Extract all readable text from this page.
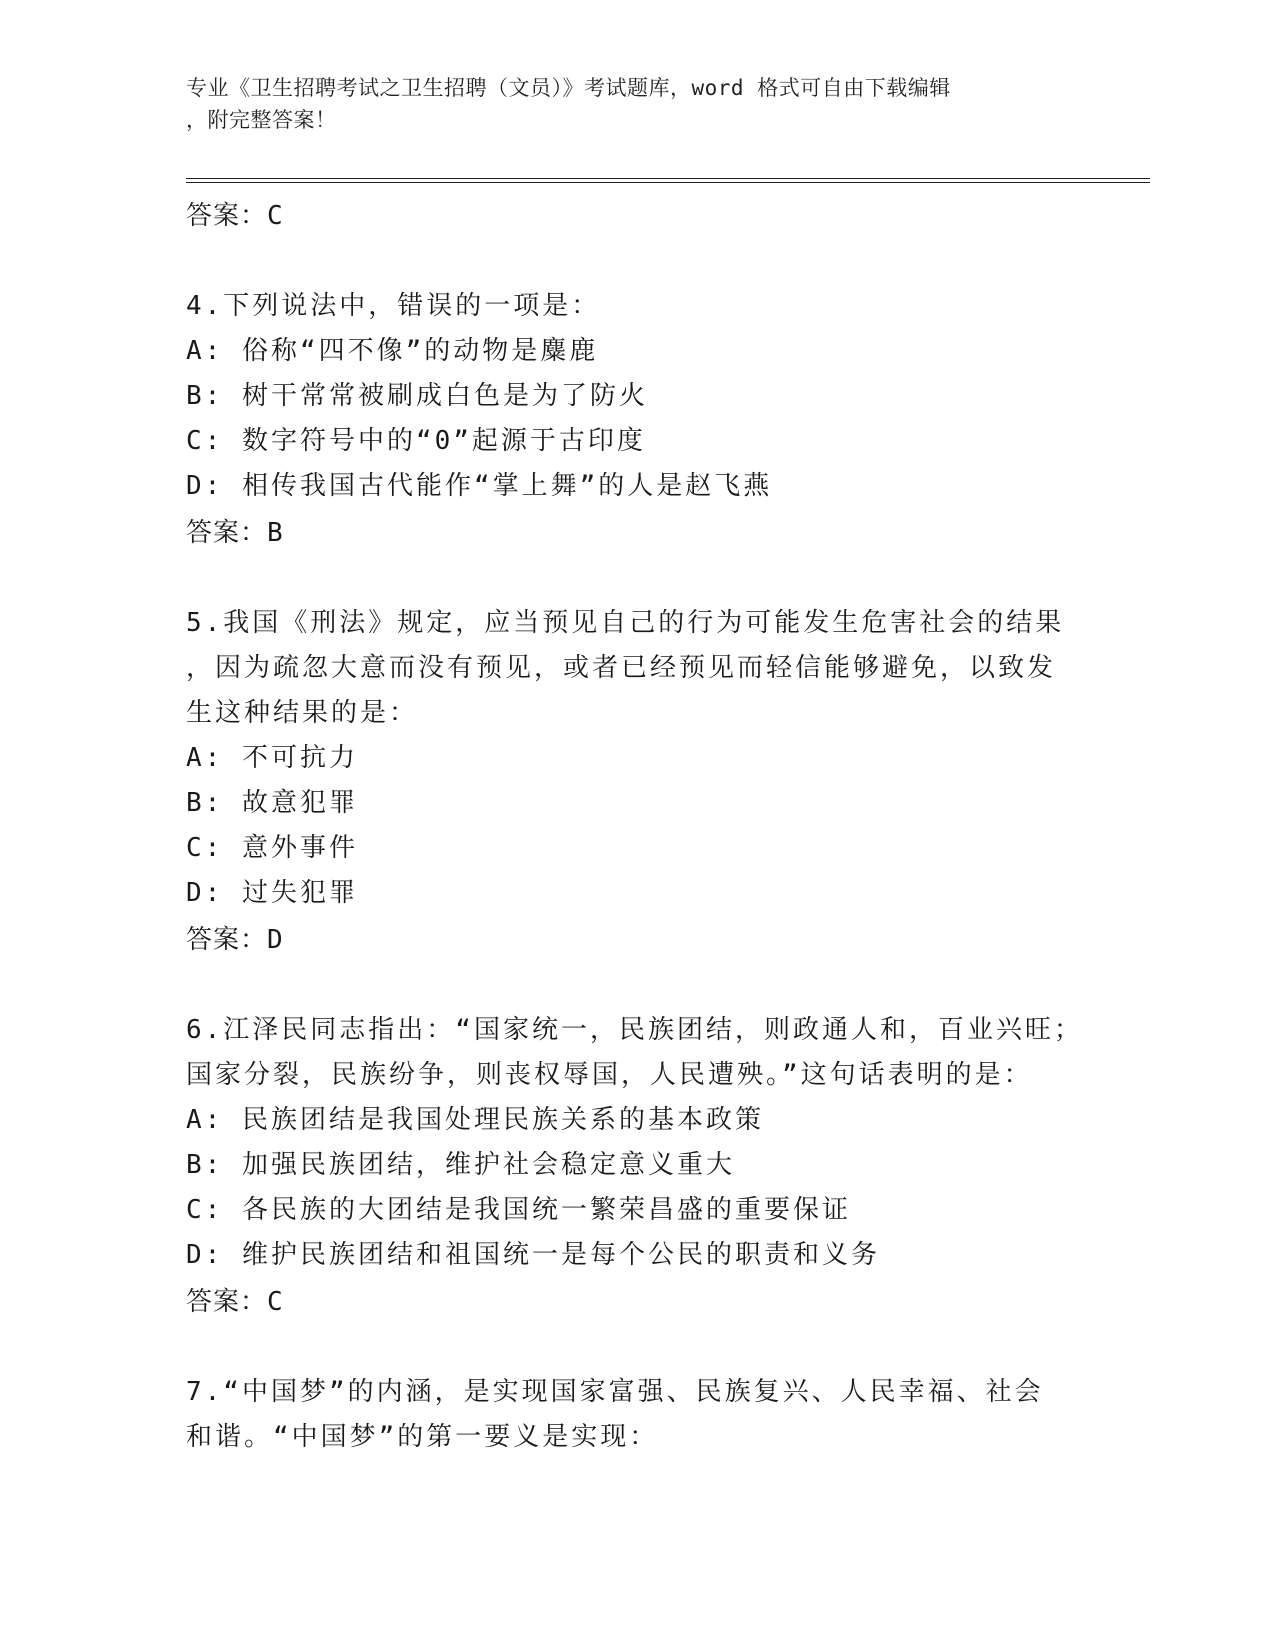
专业《卫生招聘考试之卫生招聘（文员）》考试题库，word 格式可自由下载编辑
，附完整答案！
答案：C
4.下列说法中，错误的一项是：
A: 俗称“四不像”的动物是麋鹿
B: 树干常常被刷成白色是为了防火
C: 数字符号中的“0”起源于古印度
D: 相传我国古代能作“掌上舞”的人是赵飞燕
答案：B
5.我国《刑法》规定，应当预见自己的行为可能发生危害社会的结果
，因为疏忽大意而没有预见，或者已经预见而轻信能够避免，以致发
生这种结果的是：
A: 不可抗力
B: 故意犯罪
C: 意外事件
D: 过失犯罪
答案：D
6.江泽民同志指出：“国家统一，民族团结，则政通人和，百业兴旺；
国家分裂，民族纷争，则丧权辱国，人民遭殃。”这句话表明的是：
A: 民族团结是我国处理民族关系的基本政策
B: 加强民族团结，维护社会稳定意义重大
C: 各民族的大团结是我国统一繁荣昌盛的重要保证
D: 维护民族团结和祖国统一是每个公民的职责和义务
答案：C
7.“中国梦”的内涵，是实现国家富强、民族复兴、人民幸福、社会
和谐。“中国梦”的第一要义是实现：
